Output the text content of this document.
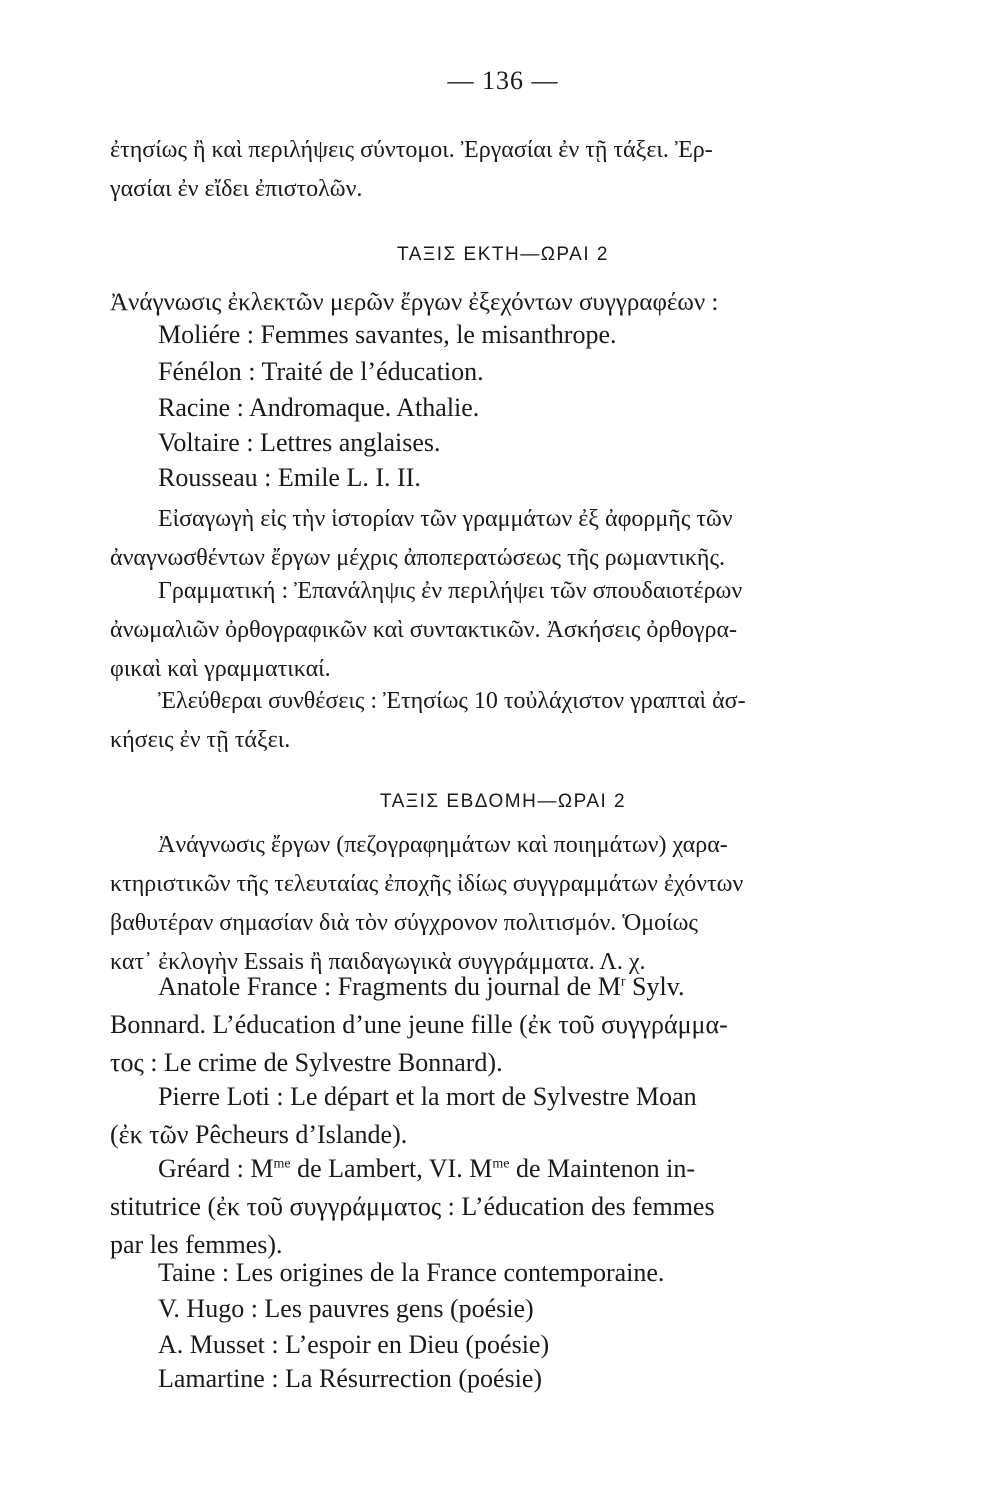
— 136 —
ἐτησίως ἢ καὶ περιλήψεις σύντομοι. Ἐργασίαι ἐν τῇ τάξει. Ἐρ-
γασίαι ἐν εἴδει ἐπιστολῶν.
ΤΑΞΙΣ ΕΚΤΗ—ΩΡΑΙ 2
Ἀνάγνωσις ἐκλεκτῶν μερῶν ἔργων ἐξεχόντων συγγραφέων :
Moliére : Femmes savantes, le misanthrope.
Fénélon : Traité de l’éducation.
Racine : Andromaque. Athalie.
Voltaire : Lettres anglaises.
Rousseau : Emile L. I. II.
Εἰσαγωγὴ εἰς τὴν ἱστορίαν τῶν γραμμάτων ἐξ ἀφορμῆς τῶν
ἀναγνωσθέντων ἔργων μέχρις ἀποπερατώσεως τῆς ρωμαντικῆς.
Γραμματική : Ἐπανάληψις ἐν περιλήψει τῶν σπουδαιοτέρων
ἀνωμαλιῶν ὀρθογραφικῶν καὶ συντακτικῶν. Ἀσκήσεις ὀρθογρα-
φικαὶ καὶ γραμματικαί.
Ἐλεύθεραι συνθέσεις : Ἐτησίως 10 τοὐλάχιστον γραπταὶ ἀσ-
κήσεις ἐν τῇ τάξει.
ΤΑΞΙΣ ΕΒΔΟΜΗ—ΩΡΑΙ 2
Ἀνάγνωσις ἔργων (πεζογραφημάτων καὶ ποιημάτων) χαρα-
κτηριστικῶν τῆς τελευταίας ἐποχῆς ἰδίως συγγραμμάτων ἐχόντων
βαθυτέραν σημασίαν διὰ τὸν σύγχρονον πολιτισμόν. Ὁμοίως
κατ᾽ ἐκλογὴν Essais ἢ παιδαγωγικὰ συγγράμματα. Λ. χ.
Anatole France : Fragments du journal de $M^r$ Sylv.
Bonnard. L’éducation d’une jeune fille (ἐκ τοῦ συγγράμμα-
τος : Le crime de Sylvestre Bonnard).
Pierre Loti : Le départ et la mort de Sylvestre Moan
(ἐκ τῶν Pêcheurs d’Islande).
Gréard : $M^{me}$ de Lambert, VI. $M^{me}$ de Maintenon in-
stitutrice (ἐκ τοῦ συγγράμματος : L’éducation des femmes
par les femmes).
Taine : Les origines de la France contemporaine.
V. Hugo : Les pauvres gens (poésie)
A. Musset : L’espoir en Dieu (poésie)
Lamartine : La Résurrection (poésie)
